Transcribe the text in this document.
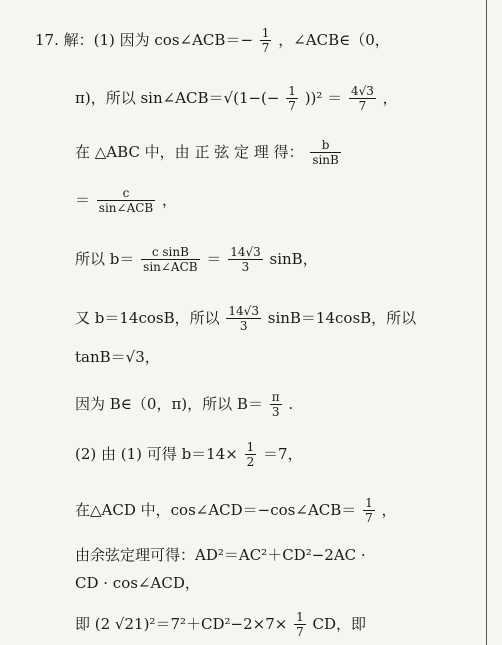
17. 解：(1) 因为 cos∠ACB＝− $\frac{1}{7}$ ，∠ACB∈（0，
π)，所以 sin∠ACB＝√(1−(− $\frac{1}{7} ))^2 = \frac{4√3}{7}$ ，
在 △ABC 中，由 正 弦 定 理 得： $\frac{b}{\sin B}$
＝ $\frac{c}{\text{sin∠ACB}}$ ，
所以 $b= \frac{\text{c sinB}}{\text{sin∠ACB}} = \frac{14√3}{3}$ sinB，
又 b＝14cosB，所以 $\frac{14√3}{3} \sin B=14\cos B$，所以
tanB＝√3，
因为 B∈（0，π)，所以 $B= \frac{\pi}{3}$ .
(2) 由 (1) 可得 $b=14\times \frac{1}{2} =7$，
在△ACD 中，cos∠ACD＝−cos∠ACB＝ $\frac{1}{7}$ ，
由余弦定理可得：AD²＝AC²＋CD²−2AC ·
CD · cos∠ACD，
即 (2 $√21)^2=7^2+CD^2-2\times 7\times \frac{1}{7}$ CD，即
